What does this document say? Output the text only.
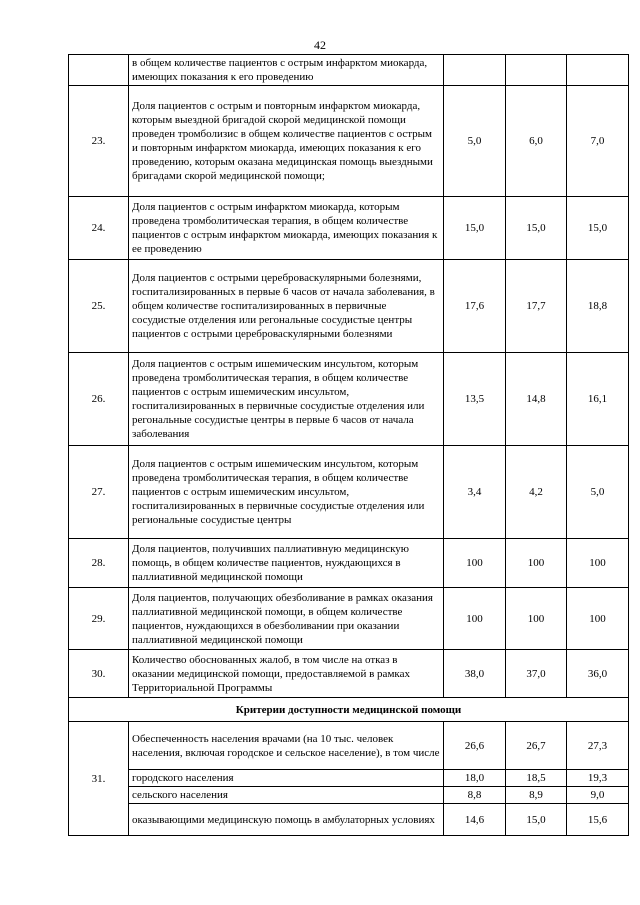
42
	в общем количестве пациентов с острым инфарктом миокарда, имеющих показания к его проведению			
23.	Доля пациентов с острым и повторным инфарктом миокарда, которым выездной бригадой скорой медицинской помощи проведен тромболизис в общем количестве пациентов с острым и повторным инфарктом миокарда, имеющих показания к его проведению, которым оказана медицинская помощь выездными бригадами скорой медицинской помощи;	5,0	6,0	7,0
24.	Доля пациентов с острым инфарктом миокарда, которым проведена тромболитическая терапия, в общем количестве пациентов с острым инфарктом миокарда, имеющих показания к ее проведению	15,0	15,0	15,0
25.	Доля пациентов с острыми цереброваскулярными болезнями, госпитализированных в первые 6 часов от начала заболевания, в общем количестве госпитализированных в первичные сосудистые отделения или регональные сосудистые центры пациентов с острыми цереброваскулярными болезнями	17,6	17,7	18,8
26.	Доля пациентов с острым ишемическим инсультом, которым проведена тромболитическая терапия, в общем количестве пациентов с острым ишемическим инсультом, госпитализированных в первичные сосудистые отделения или регональные сосудистые центры в первые 6 часов от начала заболевания	13,5	14,8	16,1
27.	Доля пациентов с острым ишемическим инсультом, которым проведена тромболитическая терапия, в общем количестве пациентов с острым ишемическим инсультом, госпитализированных в первичные сосудистые отделения или региональные сосудистые центры	3,4	4,2	5,0
28.	Доля пациентов, получивших паллиативную медицинскую помощь, в общем количестве пациентов, нуждающихся в паллиативной медицинской помощи	100	100	100
29.	Доля пациентов, получающих обезболивание в рамках оказания паллиативной медицинской помощи, в общем количестве пациентов, нуждающихся в обезболивании при оказании паллиативной медицинской помощи	100	100	100
30.	Количество обоснованных жалоб, в том числе на отказ в оказании медицинской помощи, предоставляемой в рамках Территориальной Программы	38,0	37,0	36,0
Критерии доступности медицинской помощи				
31.	Обеспеченность населения врачами (на 10 тыс. человек населения, включая городское и сельское население), в том числе	26,6	26,7	27,3
	городского населения	18,0	18,5	19,3
	сельского населения	8,8	8,9	9,0
	оказывающими медицинскую помощь в амбулаторных условиях	14,6	15,0	15,6
